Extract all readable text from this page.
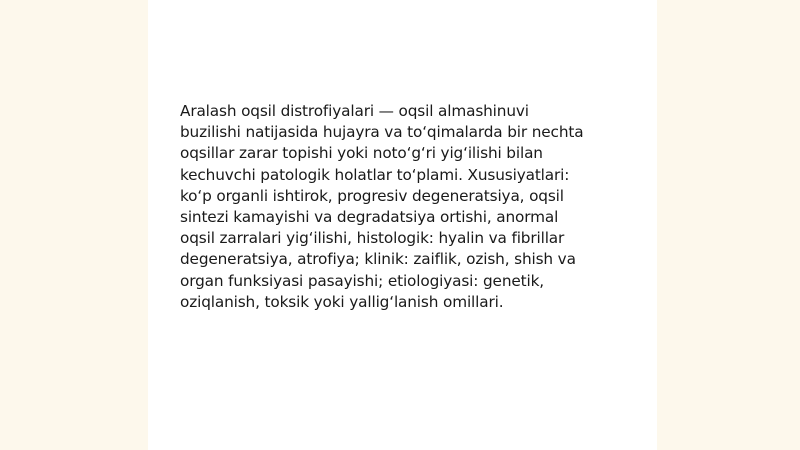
Aralash oqsil distrofiyalari — oqsil almashinuvi
buzilishi natijasida hujayra va to‘qimalarda bir nechta
oqsillar zarar topishi yoki noto‘g‘ri yig‘ilishi bilan
kechuvchi patologik holatlar to‘plami. Xususiyatlari:
ko‘p organli ishtirok, progresiv degeneratsiya, oqsil
sintezi kamayishi va degradatsiya ortishi, anormal
oqsil zarralari yig‘ilishi, histologik: hyalin va fibrillar
degeneratsiya, atrofiya; klinik: zaiflik, ozish, shish va
organ funksiyasi pasayishi; etiologiyasi: genetik,
oziqlanish, toksik yoki yallig‘lanish omillari.
